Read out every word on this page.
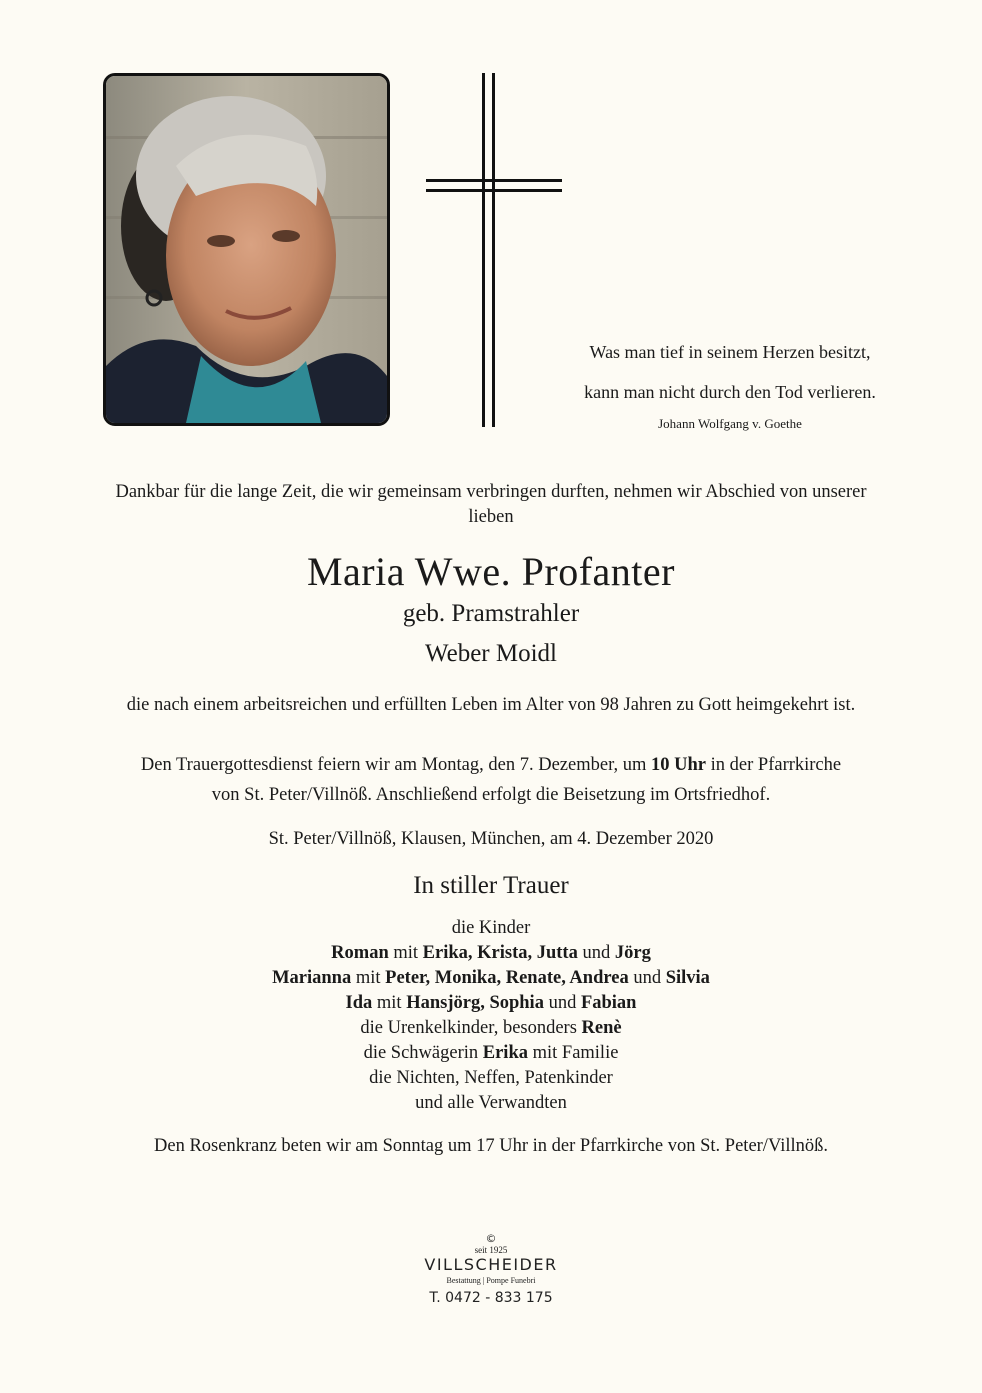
Was man tief in seinem Herzen besitzt,
kann man nicht durch den Tod verlieren.
Johann Wolfgang v. Goethe
Dankbar für die lange Zeit, die wir gemeinsam verbringen durften, nehmen wir Abschied von unserer lieben
Maria Wwe. Profanter
geb. Pramstrahler
Weber Moidl
die nach einem arbeitsreichen und erfüllten Leben im Alter von 98 Jahren zu Gott heimgekehrt ist.
Den Trauergottesdienst feiern wir am Montag, den 7. Dezember, um 10 Uhr in der Pfarrkirche
von St. Peter/Villnöß. Anschließend erfolgt die Beisetzung im Ortsfriedhof.
St. Peter/Villnöß, Klausen, München, am 4. Dezember 2020
In stiller Trauer
die Kinder
Roman mit Erika, Krista, Jutta und Jörg
Marianna mit Peter, Monika, Renate, Andrea und Silvia
Ida mit Hansjörg, Sophia und Fabian
die Urenkelkinder, besonders Renè
die Schwägerin Erika mit Familie
die Nichten, Neffen, Patenkinder
und alle Verwandten
Den Rosenkranz beten wir am Sonntag um 17 Uhr in der Pfarrkirche von St. Peter/Villnöß.
©
seit 1925
VILLSCHEIDER
Bestattung | Pompe Funebri
T. 0472 - 833 175
